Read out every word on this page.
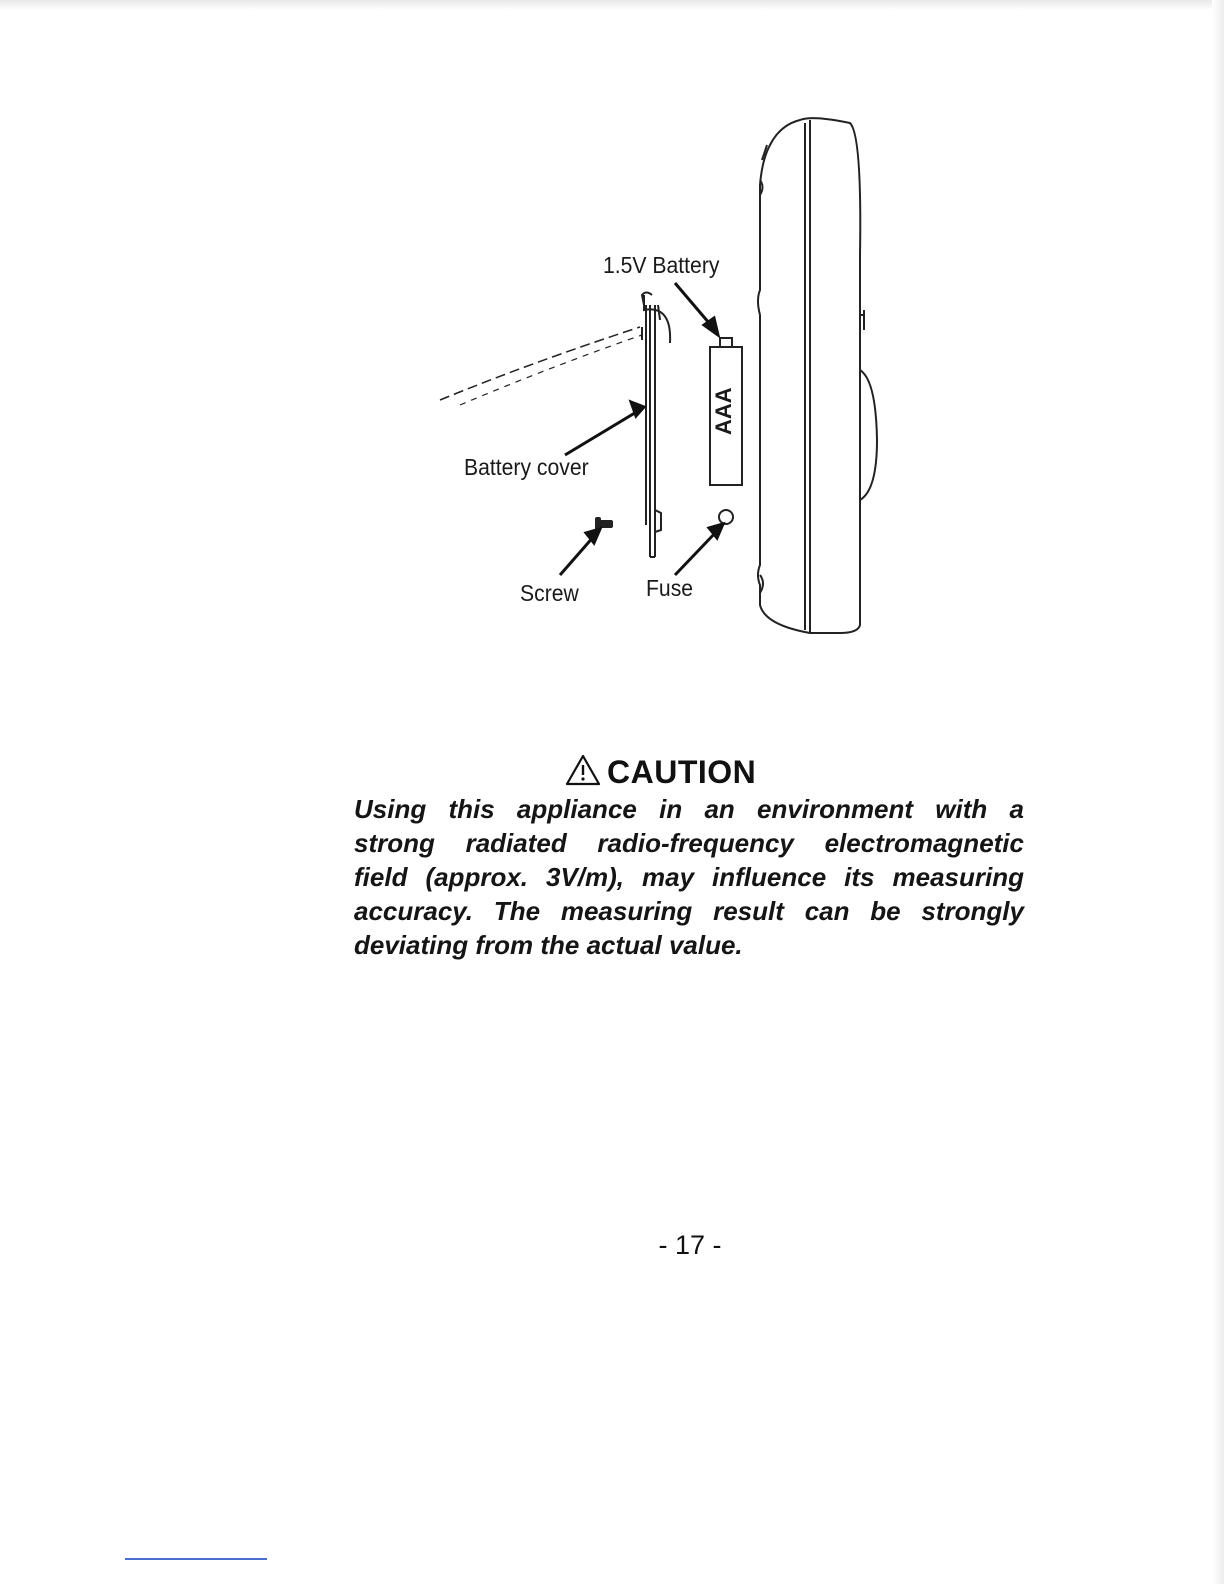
1.5V Battery
Battery cover
Screw	Fuse
AAA
CAUTION
Using this appliance in an environment with a
strong radiated radio-frequency electromagnetic
field (approx. 3V/m), may influence its measuring
accuracy. The measuring result can be strongly
deviating from the actual value.
- 17 -
